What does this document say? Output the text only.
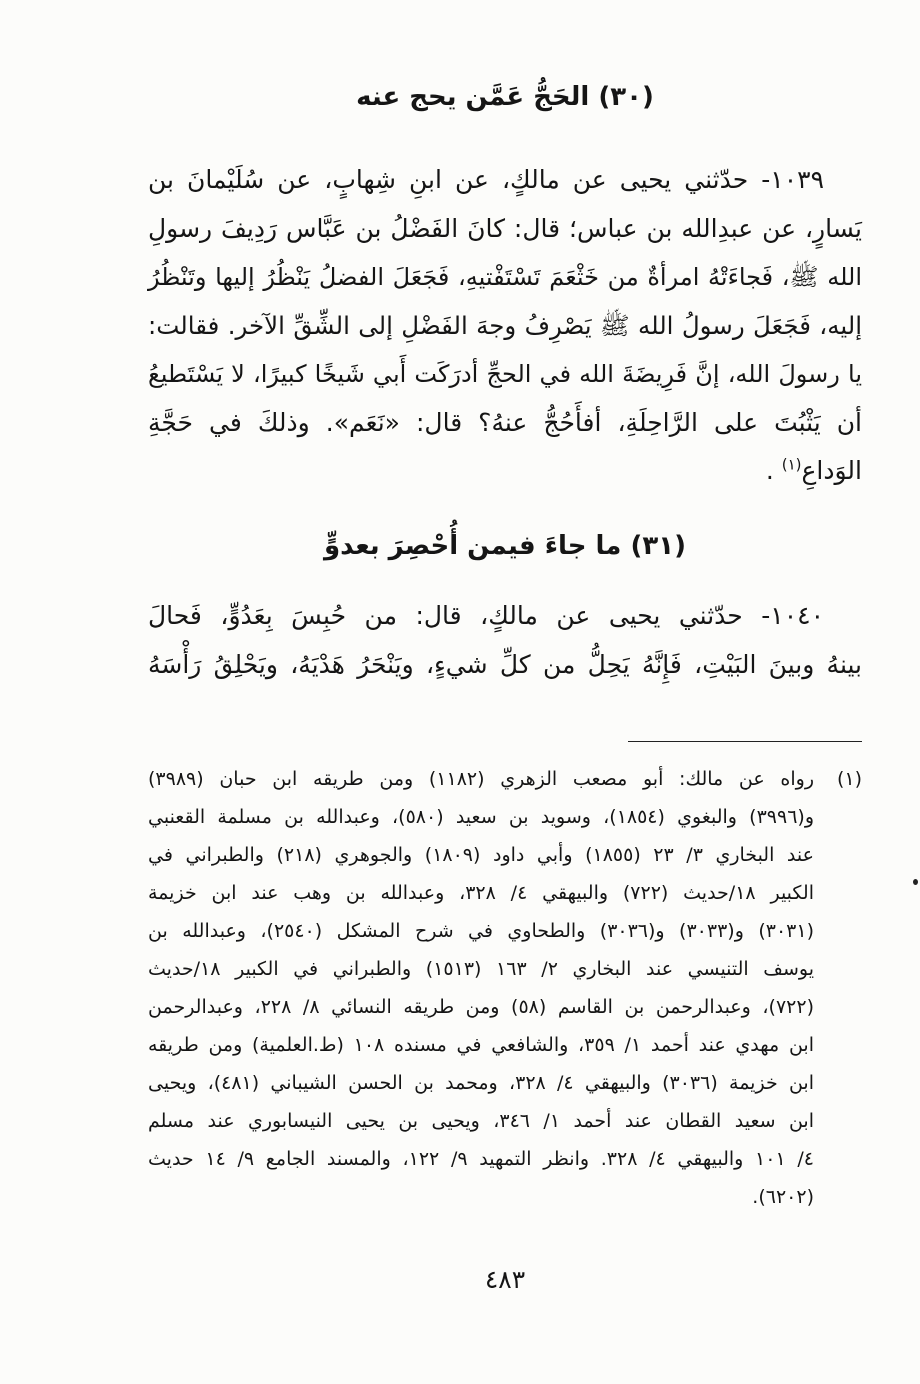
(٣٠) الحَجُّ عَمَّن يحج عنه
١٠٣٩- حدّثني يحيى عن مالكٍ، عن ابنِ شِهابٍ، عن سُلَيْمانَ بن
يَسارٍ، عن عبدِالله بن عباس؛ قال: كانَ الفَضْلُ بن عَبَّاس رَدِيفَ رسولِ
الله ﷺ، فَجاءَتْهُ امرأةٌ من خَثْعَمَ تَسْتَفْتيهِ، فَجَعَلَ الفضلُ يَنْظُرُ إليها وتَنْظُرُ
إليه، فَجَعَلَ رسولُ الله ﷺ يَصْرِفُ وجهَ الفَضْلِ إلى الشِّقِّ الآخر. فقالت:
يا رسولَ الله، إنَّ فَرِيضَةَ الله في الحجِّ أدرَكَت أَبي شَيخًا كبيرًا، لا يَسْتَطيعُ
أن يَثْبُتَ على الرَّاحِلَةِ، أفأَحُجُّ عنهُ؟ قال: «نَعَم». وذلكَ في حَجَّةِ
الوَداعِ$^{(١)}$ .
(٣١) ما جاءَ فيمن أُحْصِرَ بعدوٍّ
١٠٤٠- حدّثني يحيى عن مالكٍ، قال: من حُبِسَ بِعَدُوٍّ، فَحالَ
بينهُ وبينَ البَيْتِ، فَإِنَّهُ يَحِلُّ من كلِّ شيءٍ، ويَنْحَرُ هَدْيَهُ، ويَحْلِقُ رَأْسَهُ
(١)
رواه عن مالك: أبو مصعب الزهري (١١٨٢) ومن طريقه ابن حبان (٣٩٨٩)
و(٣٩٩٦) والبغوي (١٨٥٤)، وسويد بن سعيد (٥٨٠)، وعبدالله بن مسلمة القعنبي
عند البخاري ٣/ ٢٣ (١٨٥٥) وأبي داود (١٨٠٩) والجوهري (٢١٨) والطبراني في
الكبير ١٨/حديث (٧٢٢) والبيهقي ٤/ ٣٢٨، وعبدالله بن وهب عند ابن خزيمة
(٣٠٣١) و(٣٠٣٣) و(٣٠٣٦) والطحاوي في شرح المشكل (٢٥٤٠)، وعبدالله بن
يوسف التنيسي عند البخاري ٢/ ١٦٣ (١٥١٣) والطبراني في الكبير ١٨/حديث
(٧٢٢)، وعبدالرحمن بن القاسم (٥٨) ومن طريقه النسائي ٨/ ٢٢٨، وعبدالرحمن
ابن مهدي عند أحمد ١/ ٣٥٩، والشافعي في مسنده ١٠٨ (ط.العلمية) ومن طريقه
ابن خزيمة (٣٠٣٦) والبيهقي ٤/ ٣٢٨، ومحمد بن الحسن الشيباني (٤٨١)، ويحيى
ابن سعيد القطان عند أحمد ١/ ٣٤٦، ويحيى بن يحيى النيسابوري عند مسلم
٤/ ١٠١ والبيهقي ٤/ ٣٢٨. وانظر التمهيد ٩/ ١٢٢، والمسند الجامع ٩/ ١٤ حديث
(٦٢٠٢).
٤٨٣
